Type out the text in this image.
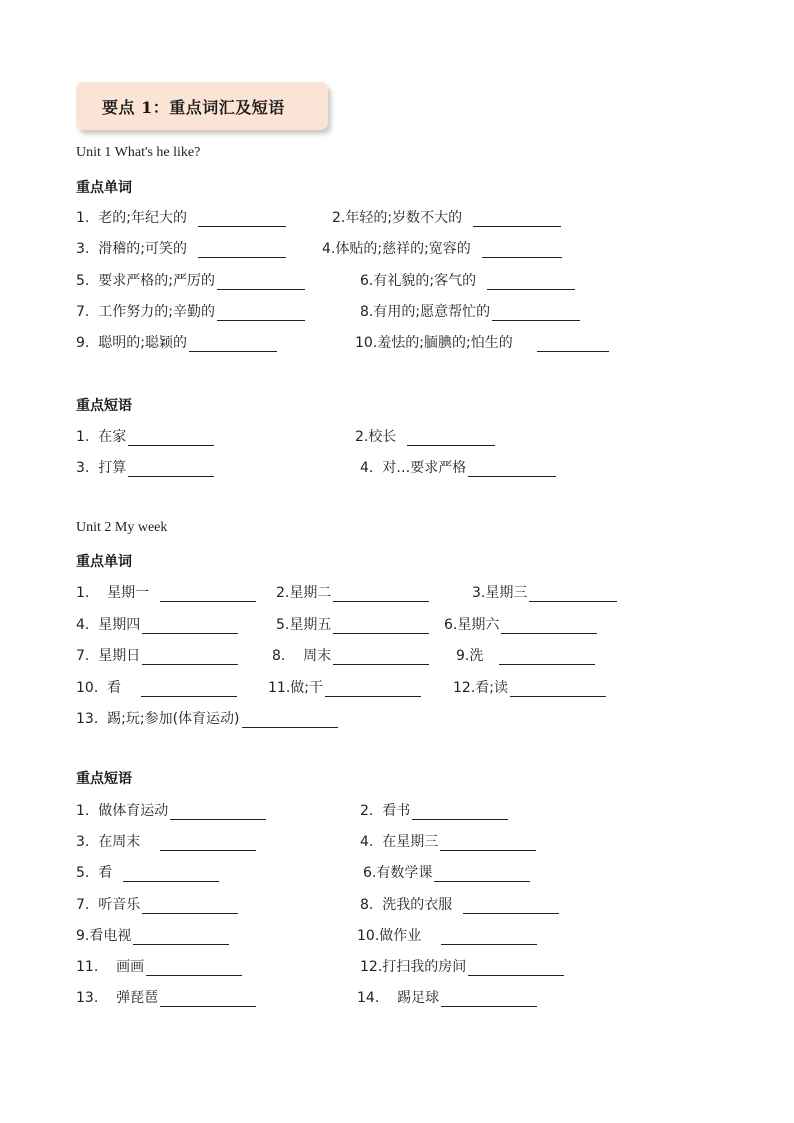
要点 1：重点词汇及短语
Unit 1 What's he like?
重点单词
1.  老的;年纪大的	2.年轻的;岁数不大的
3.  滑稽的;可笑的	4.体贴的;慈祥的;宽容的
5.  要求严格的;严厉的	6.有礼貌的;客气的
7.  工作努力的;辛勤的	8.有用的;愿意帮忙的
9.  聪明的;聪颖的	10.羞怯的;腼腆的;怕生的
重点短语
1.  在家	2.校长
3.  打算	4.  对…要求严格
Unit 2 My week
重点单词
1.    星期一	2.星期二	3.星期三
4.  星期四	5.星期五	6.星期六
7.  星期日	8.    周末	9.洗
10.  看	11.做;干	12.看;读
13.  踢;玩;参加(体育运动)
重点短语
1.  做体育运动	2.  看书
3.  在周末	4.  在星期三
5.  看	6.有数学课
7.  听音乐	8.  洗我的衣服
9.看电视	10.做作业
11.    画画	12.打扫我的房间
13.    弹琵琶	14.    踢足球
